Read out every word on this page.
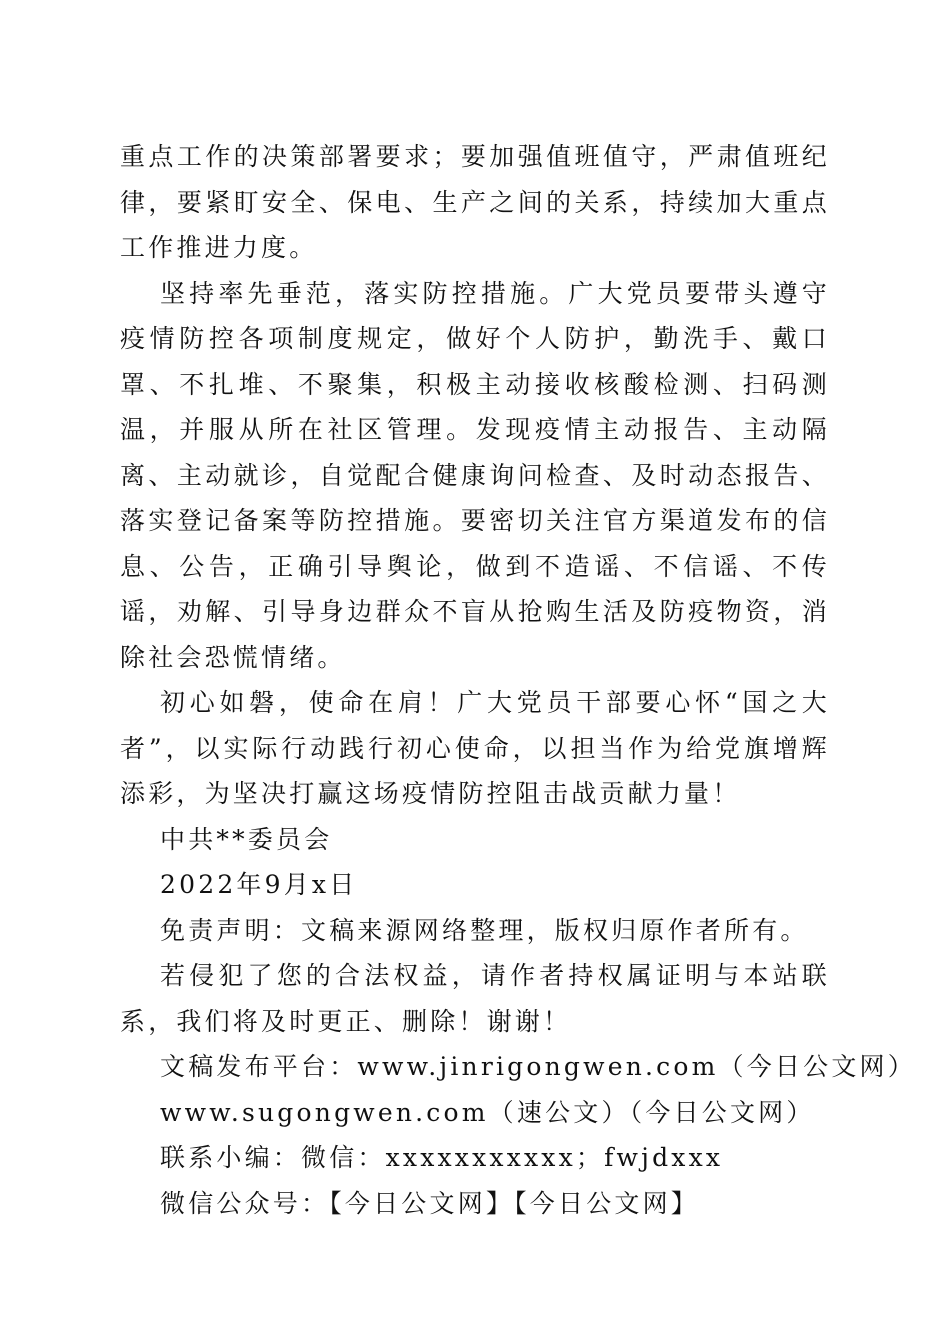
重点工作的决策部署要求；要加强值班值守，严肃值班纪律，要紧盯安全、保电、生产之间的关系，持续加大重点工作推进力度。

坚持率先垂范，落实防控措施。广大党员要带头遵守疫情防控各项制度规定，做好个人防护，勤洗手、戴口罩、不扎堆、不聚集，积极主动接收核酸检测、扫码测温，并服从所在社区管理。发现疫情主动报告、主动隔离、主动就诊，自觉配合健康询问检查、及时动态报告、落实登记备案等防控措施。要密切关注官方渠道发布的信息、公告，正确引导舆论，做到不造谣、不信谣、不传谣，劝解、引导身边群众不盲从抢购生活及防疫物资，消除社会恐慌情绪。

初心如磐，使命在肩！广大党员干部要心怀“国之大者”，以实际行动践行初心使命，以担当作为给党旗增辉添彩，为坚决打赢这场疫情防控阻击战贡献力量！

中共**委员会
2022年9月x日
免责声明：文稿来源网络整理，版权归原作者所有。

若侵犯了您的合法权益，请作者持权属证明与本站联系，我们将及时更正、删除！谢谢！

文稿发布平台：www.jinrigongwen.com（今日公文网）
www.sugongwen.com（速公文）（今日公文网）
联系小编：微信：xxxxxxxxxxx；fwjdxxx
微信公众号：【今日公文网】【今日公文网】
